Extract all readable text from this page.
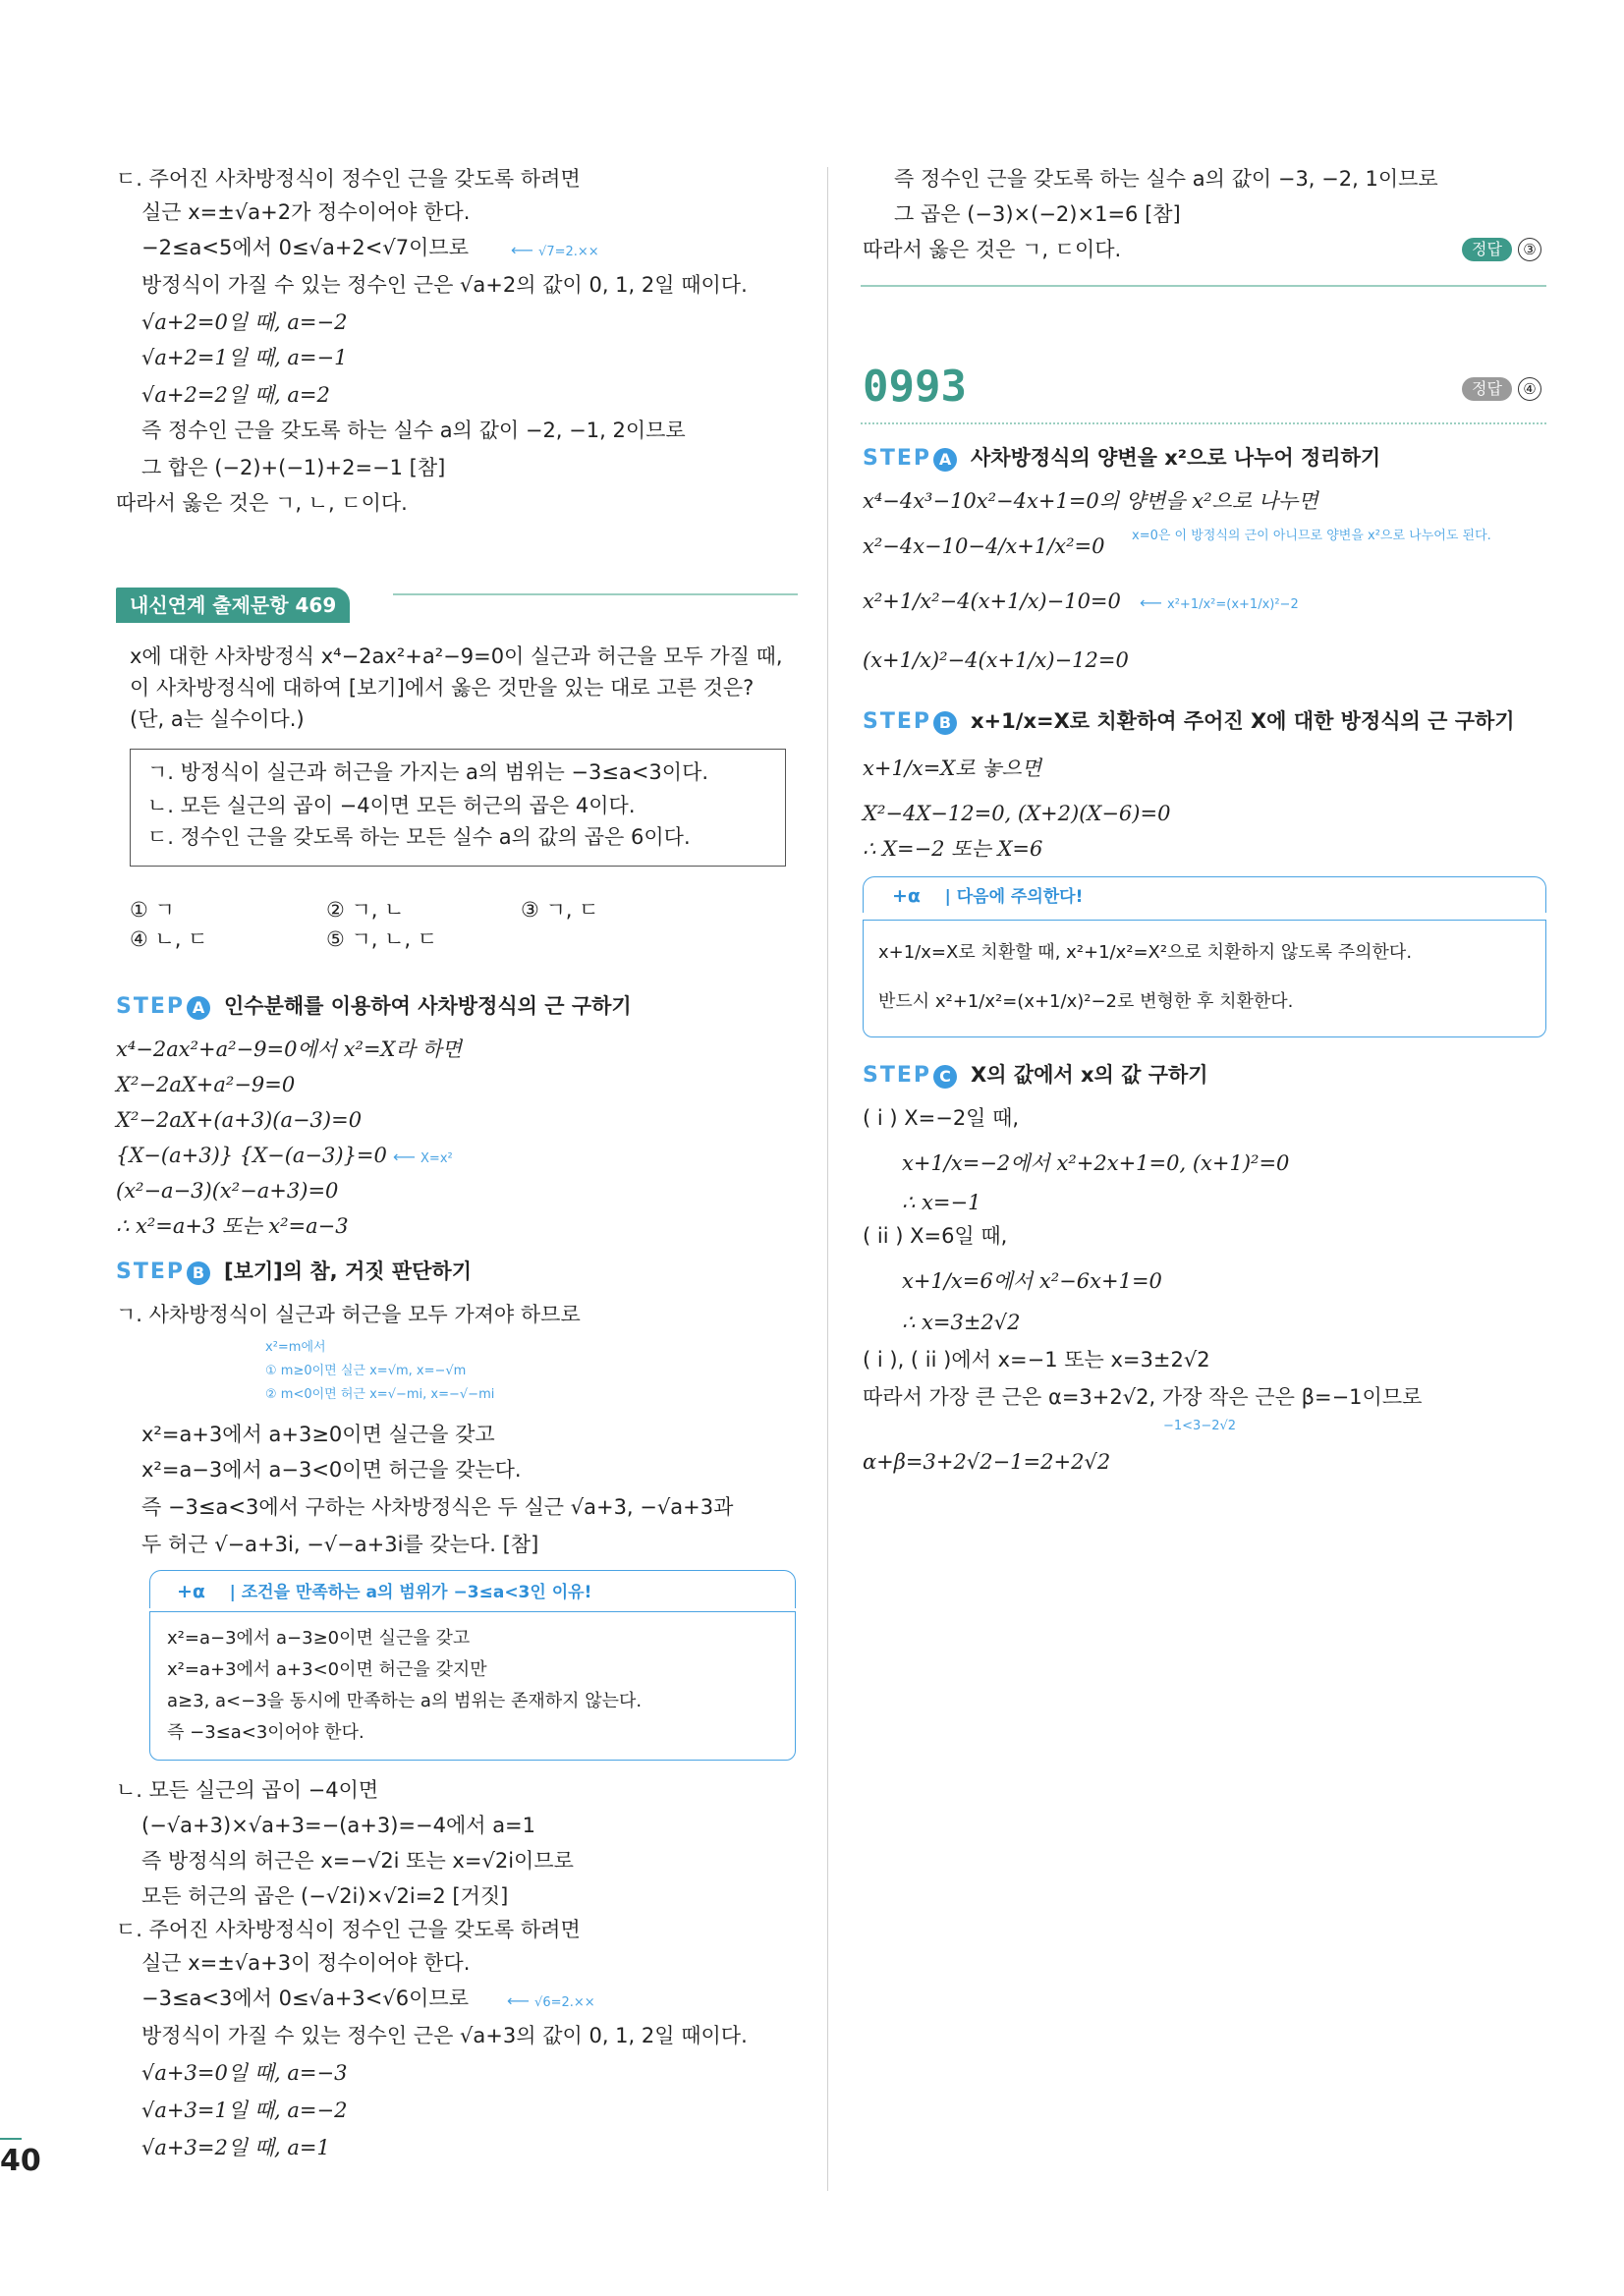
ㄷ. 주어진 사차방정식이 정수인 근을 갖도록 하려면
실근 x=±√a+2가 정수이어야 한다.
−2≤a<5에서 0≤√a+2<√7이므로	⟵ √7=2.××
방정식이 가질 수 있는 정수인 근은 √a+2의 값이 0, 1, 2일 때이다.
√a+2=0일 때, a=−2
√a+2=1일 때, a=−1
√a+2=2일 때, a=2
즉 정수인 근을 갖도록 하는 실수 a의 값이 −2, −1, 2이므로
그 합은 (−2)+(−1)+2=−1 [참]
따라서 옳은 것은 ㄱ, ㄴ, ㄷ이다.
내신연계 출제문항 469
x에 대한 사차방정식 x⁴−2ax²+a²−9=0이 실근과 허근을 모두 가질 때,
이 사차방정식에 대하여 [보기]에서 옳은 것만을 있는 대로 고른 것은?
(단, a는 실수이다.)
ㄱ. 방정식이 실근과 허근을 가지는 a의 범위는 −3≤a<3이다.
ㄴ. 모든 실근의 곱이 −4이면 모든 허근의 곱은 4이다.
ㄷ. 정수인 근을 갖도록 하는 모든 실수 a의 값의 곱은 6이다.
① ㄱ	② ㄱ, ㄴ	③ ㄱ, ㄷ
④ ㄴ, ㄷ	⑤ ㄱ, ㄴ, ㄷ
STEP A 인수분해를 이용하여 사차방정식의 근 구하기
x⁴−2ax²+a²−9=0에서 x²=X라 하면
X²−2aX+a²−9=0
X²−2aX+(a+3)(a−3)=0
{X−(a+3)} {X−(a−3)}=0 ⟵ X=x²
(x²−a−3)(x²−a+3)=0
∴ x²=a+3 또는 x²=a−3
STEP B [보기]의 참, 거짓 판단하기
ㄱ. 사차방정식이 실근과 허근을 모두 가져야 하므로
x²=m에서
① m≥0이면 실근 x=√m, x=−√m
② m<0이면 허근 x=√−mi, x=−√−mi
x²=a+3에서 a+3≥0이면 실근을 갖고
x²=a−3에서 a−3<0이면 허근을 갖는다.
즉 −3≤a<3에서 구하는 사차방정식은 두 실근 √a+3, −√a+3과
두 허근 √−a+3i, −√−a+3i를 갖는다. [참]
+α | 조건을 만족하는 a의 범위가 −3≤a<3인 이유!
x²=a−3에서 a−3≥0이면 실근을 갖고
x²=a+3에서 a+3<0이면 허근을 갖지만
a≥3, a<−3을 동시에 만족하는 a의 범위는 존재하지 않는다.
즉 −3≤a<3이어야 한다.
ㄴ. 모든 실근의 곱이 −4이면
(−√a+3)×√a+3=−(a+3)=−4에서 a=1
즉 방정식의 허근은 x=−√2i 또는 x=√2i이므로
모든 허근의 곱은 (−√2i)×√2i=2 [거짓]
ㄷ. 주어진 사차방정식이 정수인 근을 갖도록 하려면
실근 x=±√a+3이 정수이어야 한다.
−3≤a<3에서 0≤√a+3<√6이므로 ⟵ √6=2.××
방정식이 가질 수 있는 정수인 근은 √a+3의 값이 0, 1, 2일 때이다.
√a+3=0일 때, a=−3
√a+3=1일 때, a=−2
√a+3=2일 때, a=1
40
즉 정수인 근을 갖도록 하는 실수 a의 값이 −3, −2, 1이므로
그 곱은 (−3)×(−2)×1=6 [참]
따라서 옳은 것은 ㄱ, ㄷ이다.	정답 ③
0993	정답 ④
STEP A 사차방정식의 양변을 x²으로 나누어 정리하기
x⁴−4x³−10x²−4x+1=0의 양변을 x²으로 나누면
x²−4x−10−4/x+1/x²=0 x=0은 이 방정식의 근이 아니므로 양변을 x²으로 나누어도 된다.
x²+1/x²−4(x+1/x)−10=0 ⟵ x²+1/x²=(x+1/x)²−2
(x+1/x)²−4(x+1/x)−12=0
STEP B x+1/x=X로 치환하여 주어진 X에 대한 방정식의 근 구하기
x+1/x=X로 놓으면
X²−4X−12=0, (X+2)(X−6)=0
∴ X=−2 또는 X=6
+α | 다음에 주의한다!
x+1/x=X로 치환할 때, x²+1/x²=X²으로 치환하지 않도록 주의한다.
반드시 x²+1/x²=(x+1/x)²−2로 변형한 후 치환한다.
STEP C X의 값에서 x의 값 구하기
( i ) X=−2일 때,
x+1/x=−2에서 x²+2x+1=0, (x+1)²=0
∴ x=−1
( ii ) X=6일 때,
x+1/x=6에서 x²−6x+1=0
∴ x=3±2√2
( i ), ( ii )에서 x=−1 또는 x=3±2√2
따라서 가장 큰 근은 α=3+2√2, 가장 작은 근은 β=−1이므로
−1<3−2√2
α+β=3+2√2−1=2+2√2
